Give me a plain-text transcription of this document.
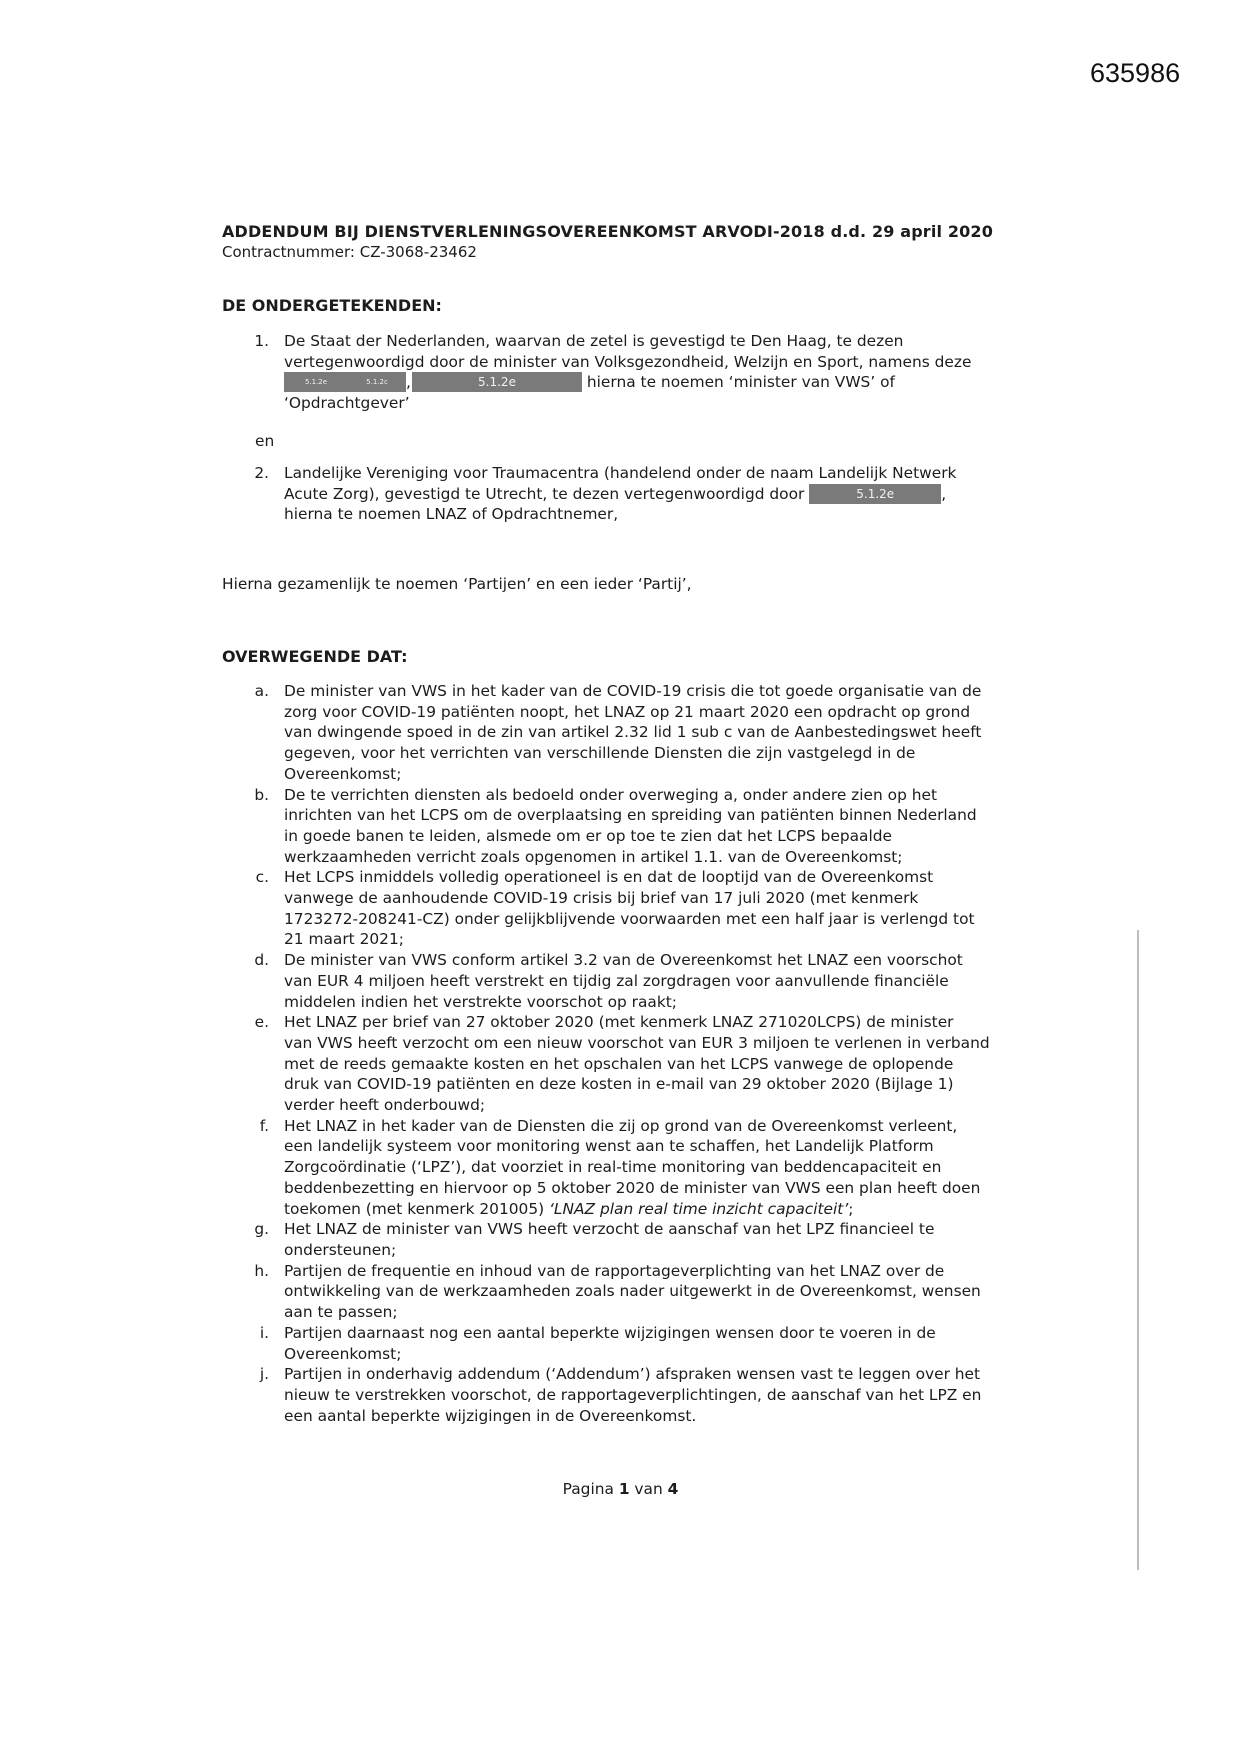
635986
ADDENDUM BIJ DIENSTVERLENINGSOVEREENKOMST ARVODI-2018 d.d. 29 april 2020
Contractnummer: CZ-3068-23462
DE ONDERGETEKENDEN:
1. De Staat der Nederlanden, waarvan de zetel is gevestigd te Den Haag, te dezen
vertegenwoordigd door de minister van Volksgezondheid, Welzijn en Sport, namens deze
5.1.2e	5.1.2c ,	5.1.2e	hierna te noemen ‘minister van VWS’ of
‘Opdrachtgever’
en
2. Landelijke Vereniging voor Traumacentra (handelend onder de naam Landelijk Netwerk
Acute Zorg), gevestigd te Utrecht, te dezen vertegenwoordigd door	5.1.2e	,
hierna te noemen LNAZ of Opdrachtnemer,
Hierna gezamenlijk te noemen ‘Partijen’ en een ieder ‘Partij’,
OVERWEGENDE DAT:
a. De minister van VWS in het kader van de COVID-19 crisis die tot goede organisatie van de
zorg voor COVID-19 patiënten noopt, het LNAZ op 21 maart 2020 een opdracht op grond
van dwingende spoed in de zin van artikel 2.32 lid 1 sub c van de Aanbestedingswet heeft
gegeven, voor het verrichten van verschillende Diensten die zijn vastgelegd in de
Overeenkomst;
b. De te verrichten diensten als bedoeld onder overweging a, onder andere zien op het
inrichten van het LCPS om de overplaatsing en spreiding van patiënten binnen Nederland
in goede banen te leiden, alsmede om er op toe te zien dat het LCPS bepaalde
werkzaamheden verricht zoals opgenomen in artikel 1.1. van de Overeenkomst;
c. Het LCPS inmiddels volledig operationeel is en dat de looptijd van de Overeenkomst
vanwege de aanhoudende COVID-19 crisis bij brief van 17 juli 2020 (met kenmerk
1723272-208241-CZ) onder gelijkblijvende voorwaarden met een half jaar is verlengd tot
21 maart 2021;
d. De minister van VWS conform artikel 3.2 van de Overeenkomst het LNAZ een voorschot
van EUR 4 miljoen heeft verstrekt en tijdig zal zorgdragen voor aanvullende financiële
middelen indien het verstrekte voorschot op raakt;
e. Het LNAZ per brief van 27 oktober 2020 (met kenmerk LNAZ 271020LCPS) de minister
van VWS heeft verzocht om een nieuw voorschot van EUR 3 miljoen te verlenen in verband
met de reeds gemaakte kosten en het opschalen van het LCPS vanwege de oplopende
druk van COVID-19 patiënten en deze kosten in e-mail van 29 oktober 2020 (Bijlage 1)
verder heeft onderbouwd;
f. Het LNAZ in het kader van de Diensten die zij op grond van de Overeenkomst verleent,
een landelijk systeem voor monitoring wenst aan te schaffen, het Landelijk Platform
Zorgcoördinatie (‘LPZ’), dat voorziet in real-time monitoring van beddencapaciteit en
beddenbezetting en hiervoor op 5 oktober 2020 de minister van VWS een plan heeft doen
toekomen (met kenmerk 201005) ‘LNAZ plan real time inzicht capaciteit’;
g. Het LNAZ de minister van VWS heeft verzocht de aanschaf van het LPZ financieel te
ondersteunen;
h. Partijen de frequentie en inhoud van de rapportageverplichting van het LNAZ over de
ontwikkeling van de werkzaamheden zoals nader uitgewerkt in de Overeenkomst, wensen
aan te passen;
i. Partijen daarnaast nog een aantal beperkte wijzigingen wensen door te voeren in de
Overeenkomst;
j. Partijen in onderhavig addendum (‘Addendum’) afspraken wensen vast te leggen over het
nieuw te verstrekken voorschot, de rapportageverplichtingen, de aanschaf van het LPZ en
een aantal beperkte wijzigingen in de Overeenkomst.
Pagina 1 van 4
